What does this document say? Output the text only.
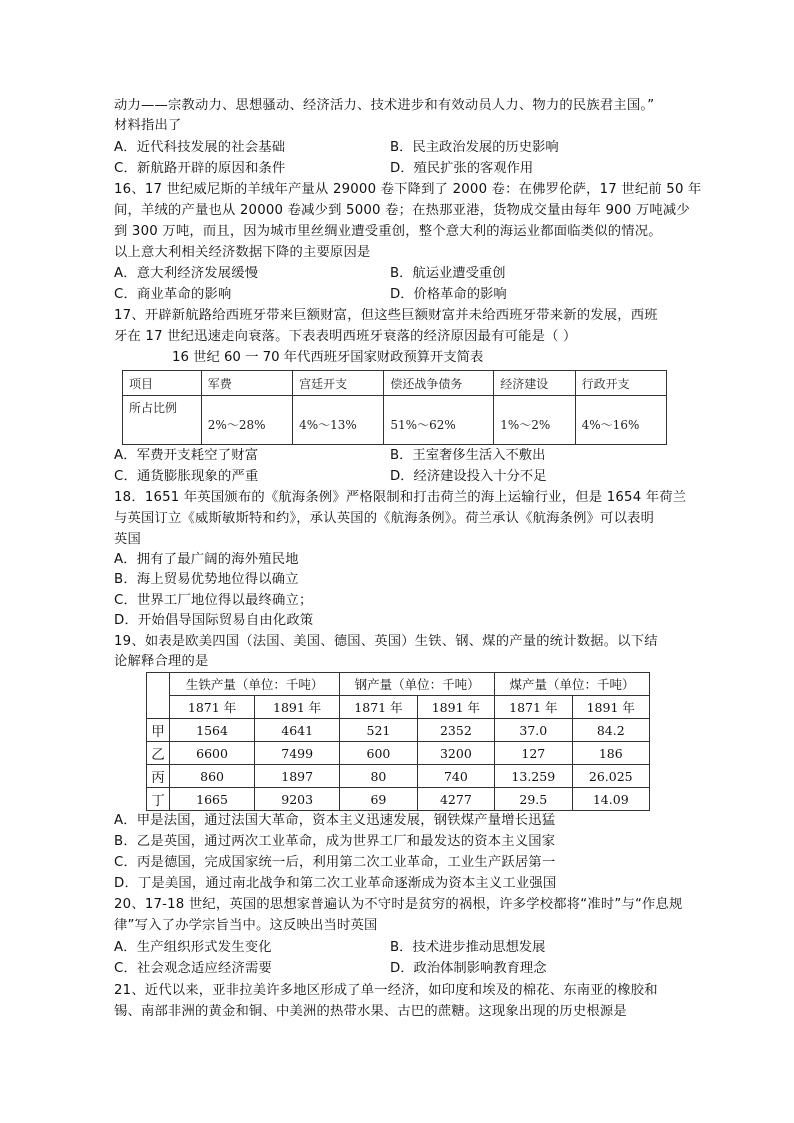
动力——宗教动力、思想骚动、经济活力、技术进步和有效动员人力、物力的民族君主国。”
材料指出了
A．近代科技发展的社会基础	B．民主政治发展的历史影响
C．新航路开辟的原因和条件	D．殖民扩张的客观作用
16、17 世纪威尼斯的羊绒年产量从 29000 卷下降到了 2000 卷：在佛罗伦萨，17 世纪前 50 年
间，羊绒的产量也从 20000 卷减少到 5000 卷；在热那亚港，货物成交量由每年 900 万吨减少
到 300 万吨，而且，因为城市里丝绸业遭受重创，整个意大利的海运业都面临类似的情况。
以上意大利相关经济数据下降的主要原因是
A．意大利经济发展缓慢	B．航运业遭受重创
C．商业革命的影响	D．价格革命的影响
17、开辟新航路给西班牙带来巨额财富，但这些巨额财富并未给西班牙带来新的发展，西班
牙在 17 世纪迅速走向衰落。下表表明西班牙衰落的经济原因最有可能是（ ）
16 世纪 60 一 70 年代西班牙国家财政预算开支简表
项目	军费	宫廷开支	偿还战争债务	经济建设	行政开支
所占比例	2%～28%	4%～13%	51%～62%	1%～2%	4%～16%
A．军费开支耗空了财富	B．王室奢侈生活入不敷出
C．通货膨胀现象的严重	D．经济建设投入十分不足
18．1651 年英国颁布的《航海条例》严格限制和打击荷兰的海上运输行业，但是 1654 年荷兰
与英国订立《威斯敏斯特和约》，承认英国的《航海条例》。荷兰承认《航海条例》可以表明
英国
A．拥有了最广阔的海外殖民地
B．海上贸易优势地位得以确立
C．世界工厂地位得以最终确立；
D．开始倡导国际贸易自由化政策
19、如表是欧美四国（法国、美国、德国、英国）生铁、钢、煤的产量的统计数据。以下结
论解释合理的是
	生铁产量（单位：千吨）		钢产量（单位：千吨）		煤产量（单位：千吨）	
	1871 年	1891 年	1871 年	1891 年	1871 年	1891 年
甲	1564	4641	521	2352	37.0	84.2
乙	6600	7499	600	3200	127	186
丙	860	1897	80	740	13.259	26.025
丁	1665	9203	69	4277	29.5	14.09
A．甲是法国，通过法国大革命，资本主义迅速发展，钢铁煤产量增长迅猛
B．乙是英国，通过两次工业革命，成为世界工厂和最发达的资本主义国家
C．丙是德国，完成国家统一后，利用第二次工业革命，工业生产跃居第一
D．丁是美国，通过南北战争和第二次工业革命逐渐成为资本主义工业强国
20、17-18 世纪，英国的思想家普遍认为不守时是贫穷的祸根，许多学校都将“准时”与“作息规
律”写入了办学宗旨当中。这反映出当时英国
A．生产组织形式发生变化	B．技术进步推动思想发展
C．社会观念适应经济需要	D．政治体制影响教育理念
21、近代以来，亚非拉美许多地区形成了单一经济，如印度和埃及的棉花、东南亚的橡胶和
锡、南部非洲的黄金和铜、中美洲的热带水果、古巴的蔗糖。这现象出现的历史根源是
